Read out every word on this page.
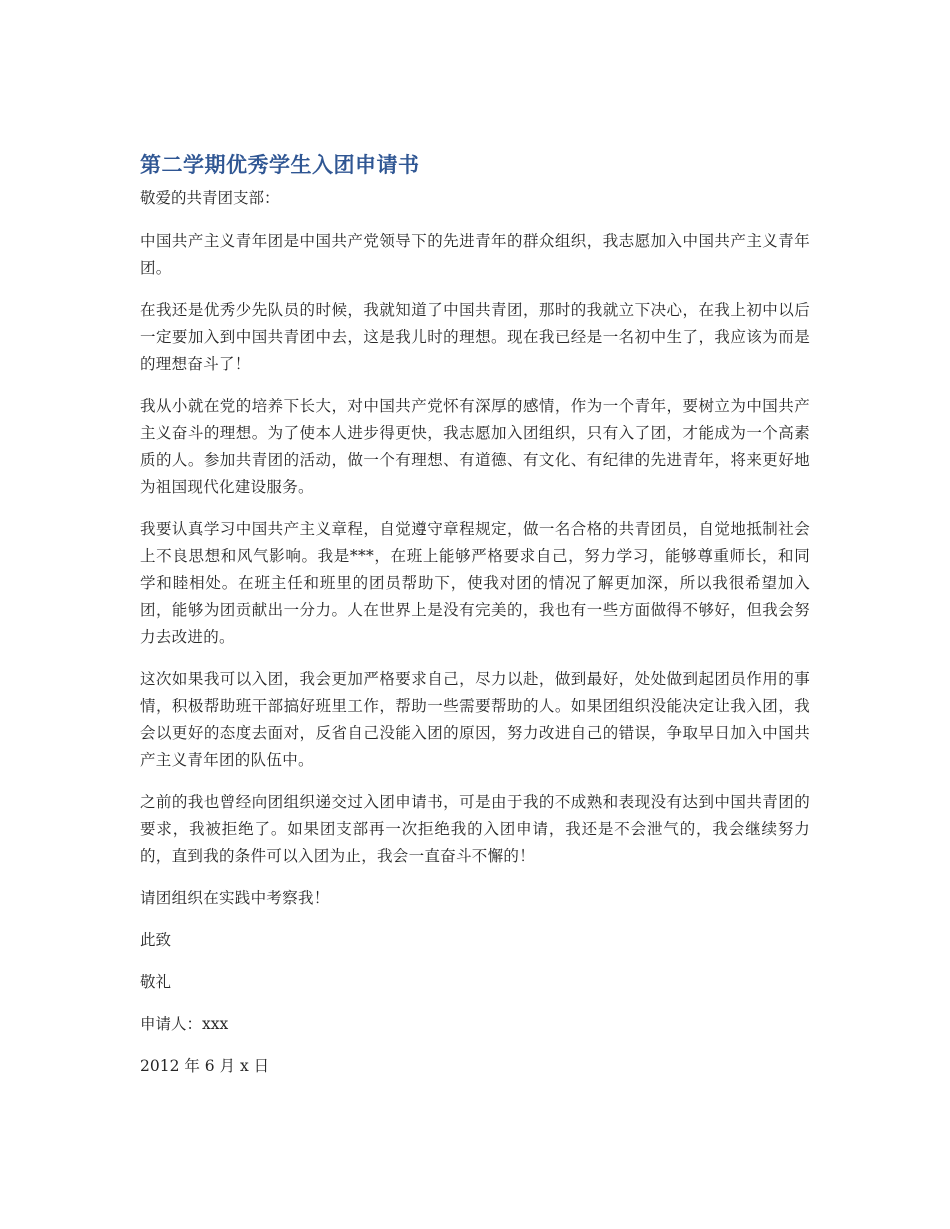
第二学期优秀学生入团申请书

敬爱的共青团支部：

中国共产主义青年团是中国共产党领导下的先进青年的群众组织，我志愿加入中国共产主义青年团。

在我还是优秀少先队员的时候，我就知道了中国共青团，那时的我就立下决心，在我上初中以后一定要加入到中国共青团中去，这是我儿时的理想。现在我已经是一名初中生了，我应该为而是的理想奋斗了！

我从小就在党的培养下长大，对中国共产党怀有深厚的感情，作为一个青年，要树立为中国共产主义奋斗的理想。为了使本人进步得更快，我志愿加入团组织，只有入了团，才能成为一个高素质的人。参加共青团的活动，做一个有理想、有道德、有文化、有纪律的先进青年，将来更好地为祖国现代化建设服务。

我要认真学习中国共产主义章程，自觉遵守章程规定，做一名合格的共青团员，自觉地抵制社会上不良思想和风气影响。我是***，在班上能够严格要求自己，努力学习，能够尊重师长，和同学和睦相处。在班主任和班里的团员帮助下，使我对团的情况了解更加深，所以我很希望加入团，能够为团贡献出一分力。人在世界上是没有完美的，我也有一些方面做得不够好，但我会努力去改进的。

这次如果我可以入团，我会更加严格要求自己，尽力以赴，做到最好，处处做到起团员作用的事情，积极帮助班干部搞好班里工作，帮助一些需要帮助的人。如果团组织没能决定让我入团，我会以更好的态度去面对，反省自己没能入团的原因，努力改进自己的错误，争取早日加入中国共产主义青年团的队伍中。

之前的我也曾经向团组织递交过入团申请书，可是由于我的不成熟和表现没有达到中国共青团的要求，我被拒绝了。如果团支部再一次拒绝我的入团申请，我还是不会泄气的，我会继续努力的，直到我的条件可以入团为止，我会一直奋斗不懈的！

请团组织在实践中考察我！

此致

敬礼

申请人：xxx

2012 年 6 月 x 日
